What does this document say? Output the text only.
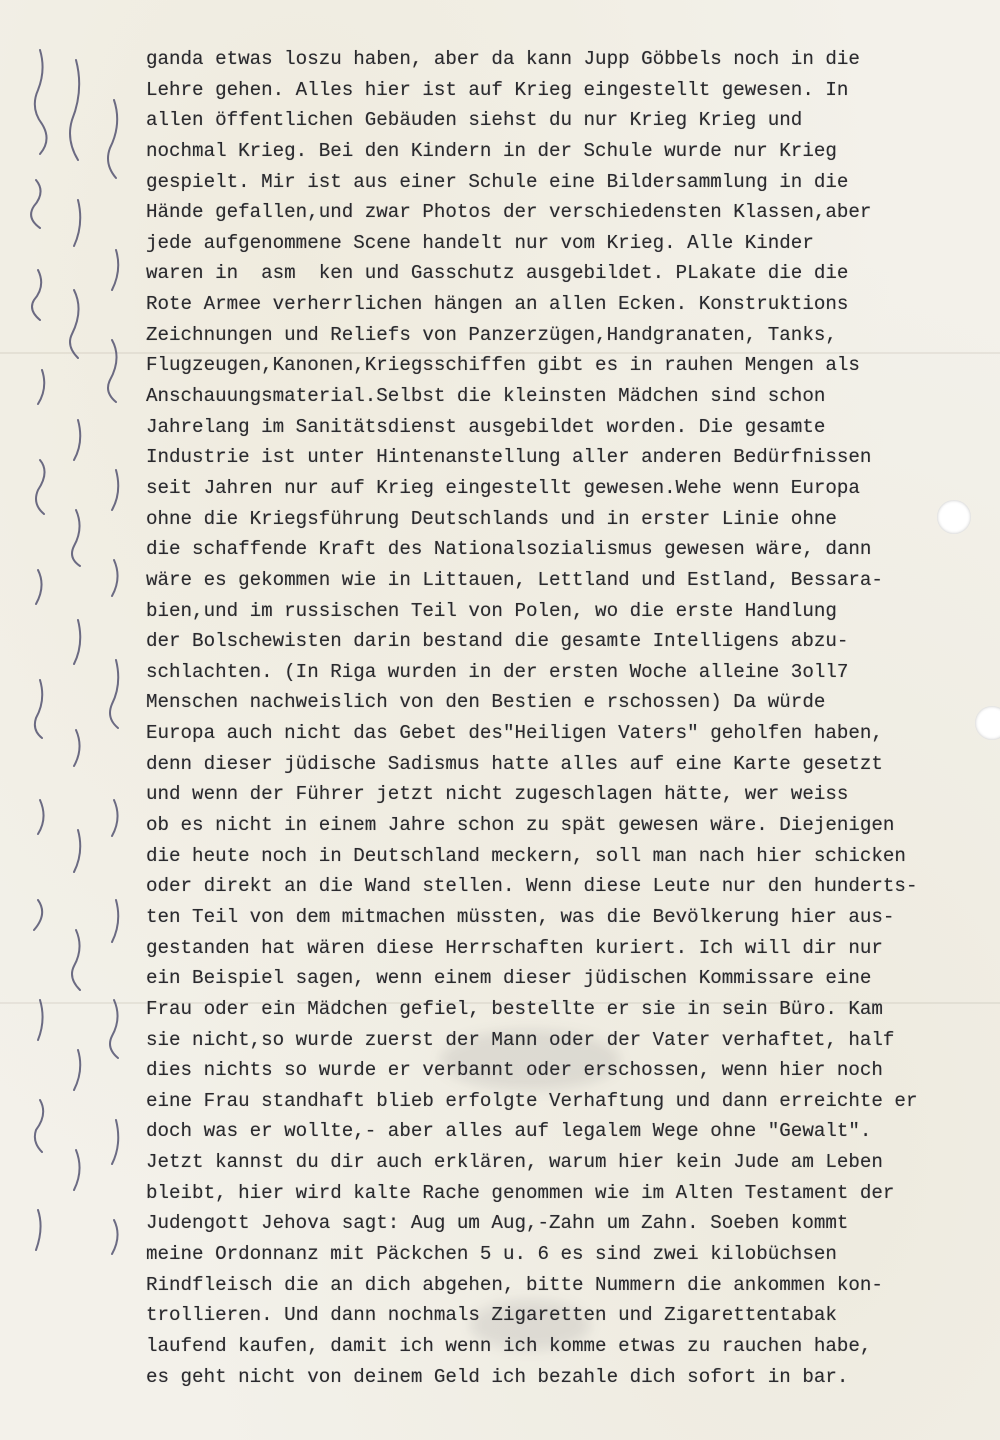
ganda etwas loszu haben, aber da kann Jupp Göbbels noch in die
Lehre gehen. Alles hier ist auf Krieg eingestellt gewesen. In
allen öffentlichen Gebäuden siehst du nur Krieg Krieg und
nochmal Krieg. Bei den Kindern in der Schule wurde nur Krieg
gespielt. Mir ist aus einer Schule eine Bildersammlung in die
Hände gefallen,und zwar Photos der verschiedensten Klassen,aber
jede aufgenommene Scene handelt nur vom Krieg. Alle Kinder
waren in  asm  ken und Gasschutz ausgebildet. PLakate die die
Rote Armee verherrlichen hängen an allen Ecken. Konstruktions
Zeichnungen und Reliefs von Panzerzügen,Handgranaten, Tanks,
Flugzeugen,Kanonen,Kriegsschiffen gibt es in rauhen Mengen als
Anschauungsmaterial.Selbst die kleinsten Mädchen sind schon
Jahrelang im Sanitätsdienst ausgebildet worden. Die gesamte
Industrie ist unter Hintenanstellung aller anderen Bedürfnissen
seit Jahren nur auf Krieg eingestellt gewesen.Wehe wenn Europa
ohne die Kriegsführung Deutschlands und in erster Linie ohne
die schaffende Kraft des Nationalsozialismus gewesen wäre, dann
wäre es gekommen wie in Littauen, Lettland und Estland, Bessara-
bien,und im russischen Teil von Polen, wo die erste Handlung
der Bolschewisten darin bestand die gesamte Intelligens abzu-
schlachten. (In Riga wurden in der ersten Woche alleine 3oll7
Menschen nachweislich von den Bestien e rschossen) Da würde
Europa auch nicht das Gebet des"Heiligen Vaters" geholfen haben,
denn dieser jüdische Sadismus hatte alles auf eine Karte gesetzt
und wenn der Führer jetzt nicht zugeschlagen hätte, wer weiss
ob es nicht in einem Jahre schon zu spät gewesen wäre. Diejenigen
die heute noch in Deutschland meckern, soll man nach hier schicken
oder direkt an die Wand stellen. Wenn diese Leute nur den hunderts-
ten Teil von dem mitmachen müssten, was die Bevölkerung hier aus-
gestanden hat wären diese Herrschaften kuriert. Ich will dir nur
ein Beispiel sagen, wenn einem dieser jüdischen Kommissare eine
Frau oder ein Mädchen gefiel, bestellte er sie in sein Büro. Kam
sie nicht,so wurde zuerst der Mann oder der Vater verhaftet, half
dies nichts so wurde er verbannt oder erschossen, wenn hier noch
eine Frau standhaft blieb erfolgte Verhaftung und dann erreichte er
doch was er wollte,- aber alles auf legalem Wege ohne "Gewalt".
Jetzt kannst du dir auch erklären, warum hier kein Jude am Leben
bleibt, hier wird kalte Rache genommen wie im Alten Testament der
Judengott Jehova sagt: Aug um Aug,-Zahn um Zahn. Soeben kommt
meine Ordonnanz mit Päckchen 5 u. 6 es sind zwei kilobüchsen
Rindfleisch die an dich abgehen, bitte Nummern die ankommen kon-
trollieren. Und dann nochmals Zigaretten und Zigarettentabak
laufend kaufen, damit ich wenn ich komme etwas zu rauchen habe,
es geht nicht von deinem Geld ich bezahle dich sofort in bar.
